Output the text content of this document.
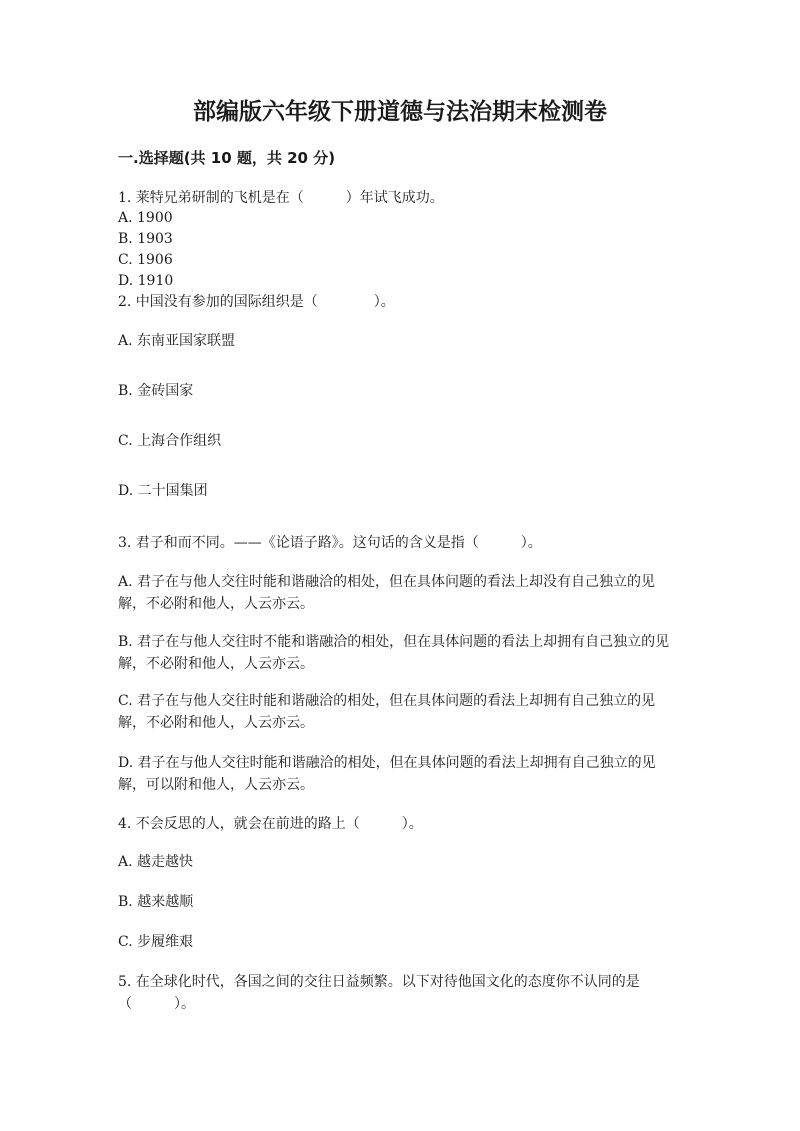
部编版六年级下册道德与法治期末检测卷
一.选择题(共 10 题，共 20 分)
1. 莱特兄弟研制的飞机是在（　　　）年试飞成功。
A. 1900
B. 1903
C. 1906
D. 1910
2. 中国没有参加的国际组织是（　　　　）。
A. 东南亚国家联盟
B. 金砖国家
C. 上海合作组织
D. 二十国集团
3. 君子和而不同。——《论语子路》。这句话的含义是指（　　　）。
A. 君子在与他人交往时能和谐融洽的相处，但在具体问题的看法上却没有自己独立的见解，不必附和他人，人云亦云。
B. 君子在与他人交往时不能和谐融洽的相处，但在具体问题的看法上却拥有自己独立的见解，不必附和他人，人云亦云。
C. 君子在与他人交往时能和谐融洽的相处，但在具体问题的看法上却拥有自己独立的见解，不必附和他人，人云亦云。
D. 君子在与他人交往时能和谐融洽的相处，但在具体问题的看法上却拥有自己独立的见解，可以附和他人，人云亦云。
4. 不会反思的人，就会在前进的路上（　　　）。
A. 越走越快
B. 越来越顺
C. 步履维艰
5. 在全球化时代，各国之间的交往日益频繁。以下对待他国文化的态度你不认同的是（　　　）。
